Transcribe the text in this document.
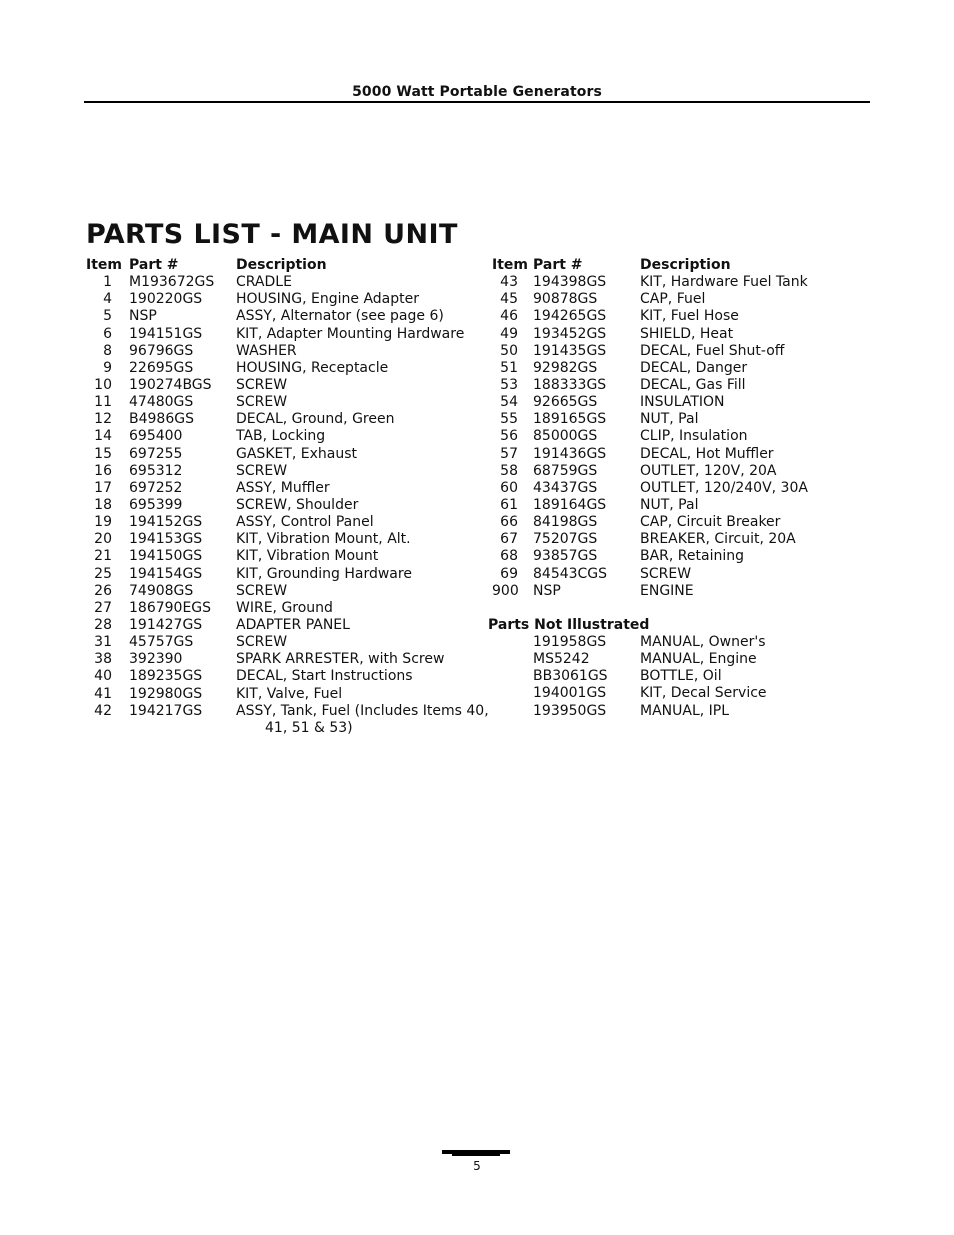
5000 Watt Portable Generators
PARTS LIST - MAIN UNIT
Item Part #	Description
1 M193672GS CRADLE
4 190220GS HOUSING, Engine Adapter
5 NSP	ASSY, Alternator (see page 6)
6 194151GS KIT, Adapter Mounting Hardware
8 96796GS	WASHER
9 22695GS	HOUSING, Receptacle
10 190274BGS SCREW
11 47480GS	SCREW
12 B4986GS	DECAL, Ground, Green
14 695400	TAB, Locking
15 697255	GASKET, Exhaust
16 695312	SCREW
17 697252	ASSY, Muffler
18 695399	SCREW, Shoulder
19 194152GS ASSY, Control Panel
20 194153GS KIT, Vibration Mount, Alt.
21 194150GS KIT, Vibration Mount
25 194154GS KIT, Grounding Hardware
26 74908GS	SCREW
27 186790EGS WIRE, Ground
28 191427GS ADAPTER PANEL
31 45757GS	SCREW
38 392390	SPARK ARRESTER, with Screw
40 189235GS DECAL, Start Instructions
41 192980GS KIT, Valve, Fuel
42 194217GS ASSY, Tank, Fuel (Includes Items 40,
41, 51 & 53)
Item Part #	Description
43 194398GS KIT, Hardware Fuel Tank
45 90878GS	CAP, Fuel
46 194265GS KIT, Fuel Hose
49 193452GS SHIELD, Heat
50 191435GS DECAL, Fuel Shut-off
51 92982GS	DECAL, Danger
53 188333GS DECAL, Gas Fill
54 92665GS	INSULATION
55 189165GS NUT, Pal
56 85000GS	CLIP, Insulation
57 191436GS DECAL, Hot Muffler
58 68759GS	OUTLET, 120V, 20A
60 43437GS	OUTLET, 120/240V, 30A
61 189164GS NUT, Pal
66 84198GS	CAP, Circuit Breaker
67 75207GS	BREAKER, Circuit, 20A
68 93857GS	BAR, Retaining
69 84543CGS SCREW
900 NSP	ENGINE
Parts Not Illustrated
191958GS MANUAL, Owner's
MS5242	MANUAL, Engine
BB3061GS BOTTLE, Oil
194001GS KIT, Decal Service
193950GS MANUAL, IPL
5
